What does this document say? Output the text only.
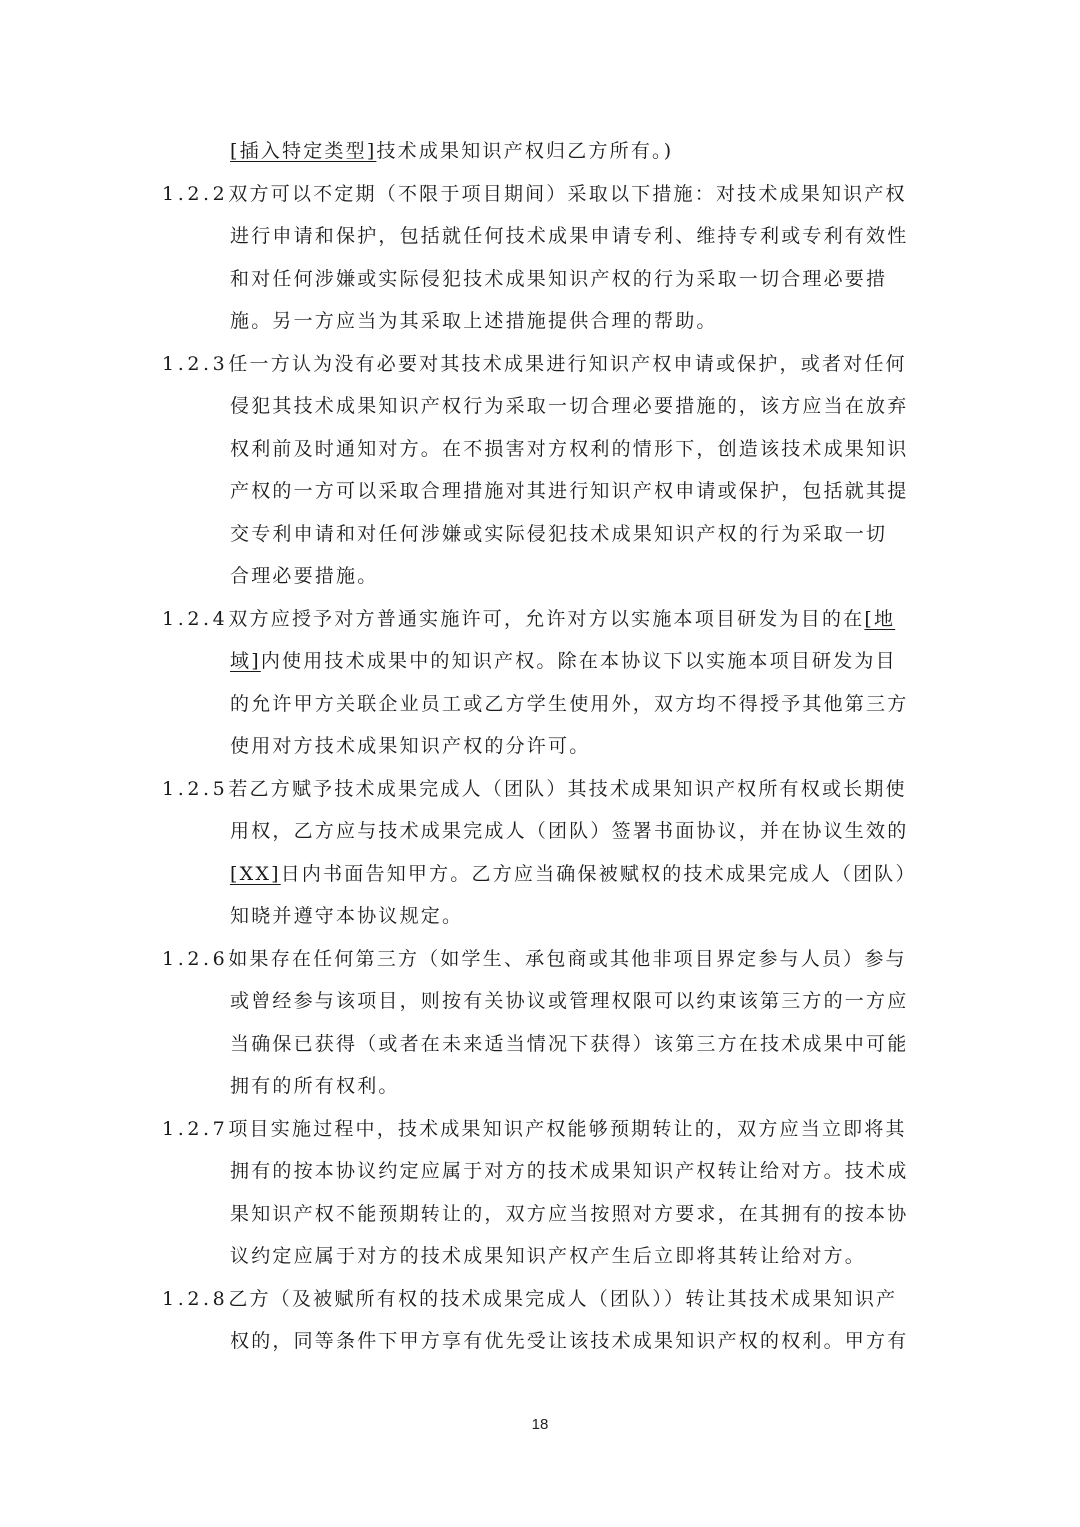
[插入特定类型]技术成果知识产权归乙方所有。)
1.2.2双方可以不定期（不限于项目期间）采取以下措施：对技术成果知识产权
进行申请和保护，包括就任何技术成果申请专利、维持专利或专利有效性
和对任何涉嫌或实际侵犯技术成果知识产权的行为采取一切合理必要措
施。另一方应当为其采取上述措施提供合理的帮助。
1.2.3任一方认为没有必要对其技术成果进行知识产权申请或保护，或者对任何
侵犯其技术成果知识产权行为采取一切合理必要措施的，该方应当在放弃
权利前及时通知对方。在不损害对方权利的情形下，创造该技术成果知识
产权的一方可以采取合理措施对其进行知识产权申请或保护，包括就其提
交专利申请和对任何涉嫌或实际侵犯技术成果知识产权的行为采取一切
合理必要措施。
1.2.4双方应授予对方普通实施许可，允许对方以实施本项目研发为目的在[地
域]内使用技术成果中的知识产权。除在本协议下以实施本项目研发为目
的允许甲方关联企业员工或乙方学生使用外，双方均不得授予其他第三方
使用对方技术成果知识产权的分许可。
1.2.5若乙方赋予技术成果完成人（团队）其技术成果知识产权所有权或长期使
用权，乙方应与技术成果完成人（团队）签署书面协议，并在协议生效的
[XX]日内书面告知甲方。乙方应当确保被赋权的技术成果完成人（团队）
知晓并遵守本协议规定。
1.2.6如果存在任何第三方（如学生、承包商或其他非项目界定参与人员）参与
或曾经参与该项目，则按有关协议或管理权限可以约束该第三方的一方应
当确保已获得（或者在未来适当情况下获得）该第三方在技术成果中可能
拥有的所有权利。
1.2.7项目实施过程中，技术成果知识产权能够预期转让的，双方应当立即将其
拥有的按本协议约定应属于对方的技术成果知识产权转让给对方。技术成
果知识产权不能预期转让的，双方应当按照对方要求，在其拥有的按本协
议约定应属于对方的技术成果知识产权产生后立即将其转让给对方。
1.2.8乙方（及被赋所有权的技术成果完成人（团队））转让其技术成果知识产
权的，同等条件下甲方享有优先受让该技术成果知识产权的权利。甲方有
18
